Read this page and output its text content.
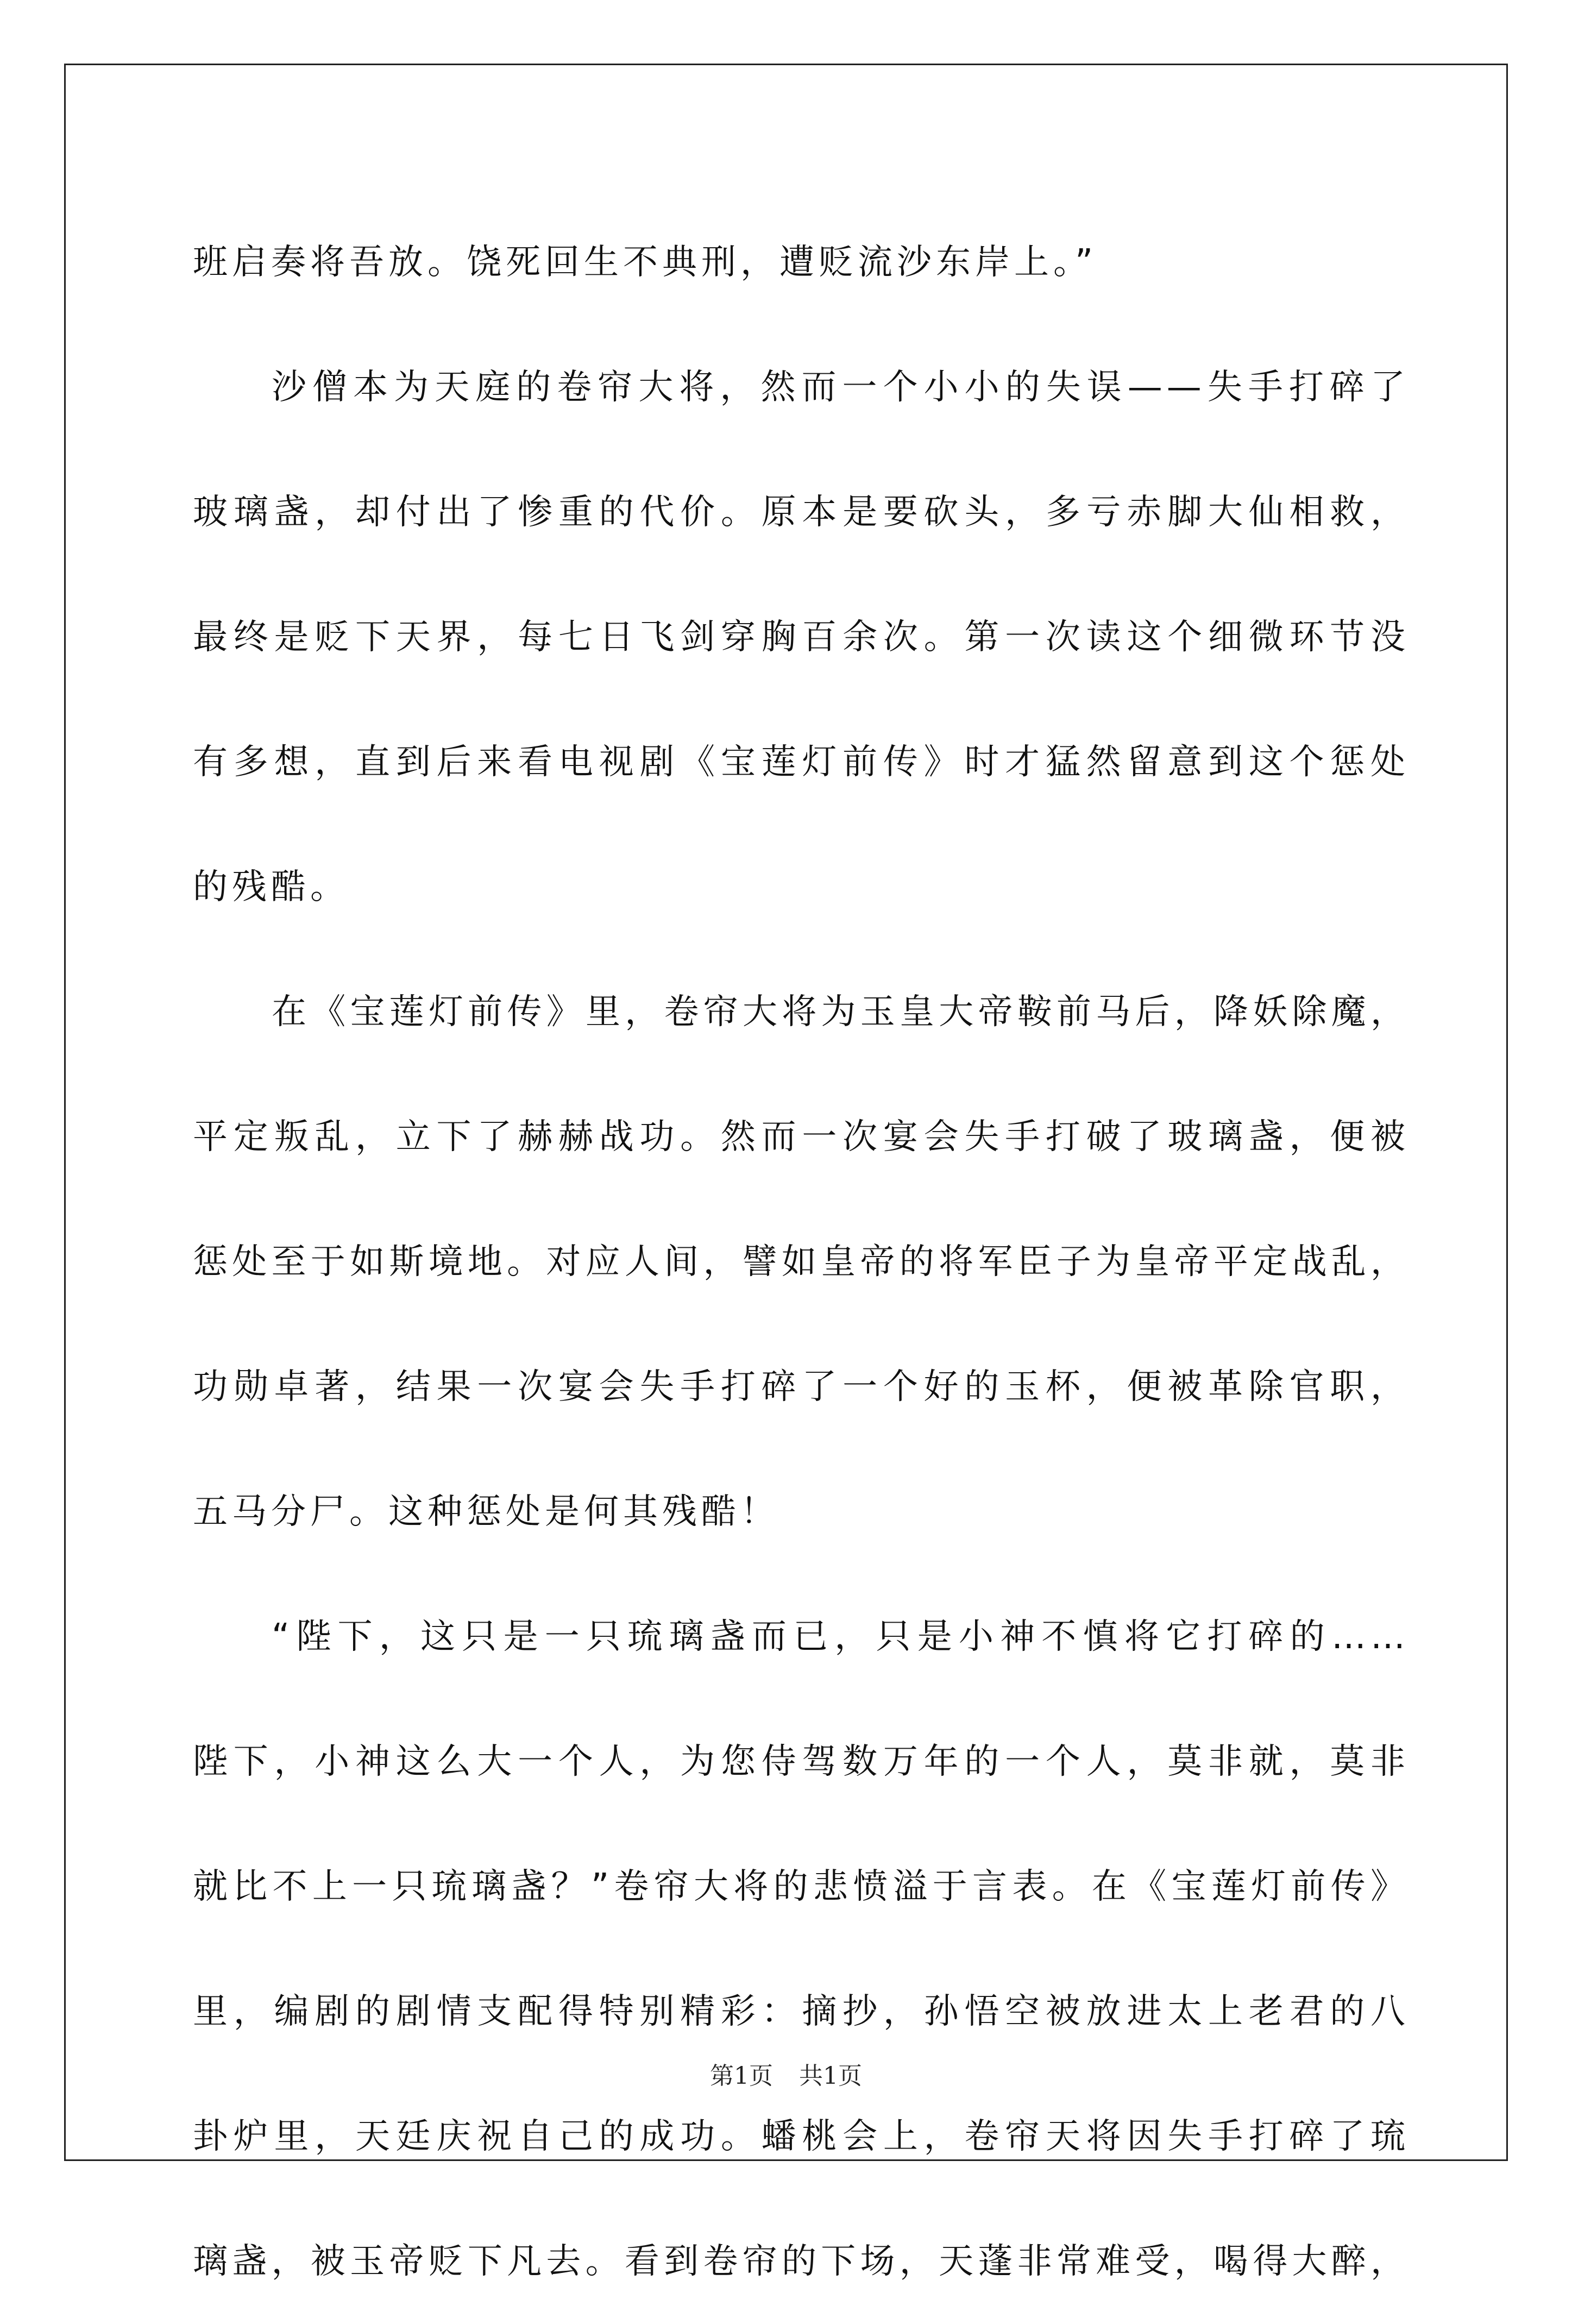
班启奏将吾放。饶死回生不典刑，遭贬流沙东岸上。”
沙僧本为天庭的卷帘大将，然而一个小小的失误——失手打碎了
玻璃盏，却付出了惨重的代价。原本是要砍头，多亏赤脚大仙相救，
最终是贬下天界，每七日飞剑穿胸百余次。第一次读这个细微环节没
有多想，直到后来看电视剧《宝莲灯前传》时才猛然留意到这个惩处
的残酷。
在《宝莲灯前传》里，卷帘大将为玉皇大帝鞍前马后，降妖除魔，
平定叛乱，立下了赫赫战功。然而一次宴会失手打破了玻璃盏，便被
惩处至于如斯境地。对应人间，譬如皇帝的将军臣子为皇帝平定战乱，
功勋卓著，结果一次宴会失手打碎了一个好的玉杯，便被革除官职，
五马分尸。这种惩处是何其残酷！
“陛下，这只是一只琉璃盏而已，只是小神不慎将它打碎的……
陛下，小神这么大一个人，为您侍驾数万年的一个人，莫非就，莫非
就比不上一只琉璃盏？”卷帘大将的悲愤溢于言表。在《宝莲灯前传》
里，编剧的剧情支配得特别精彩：摘抄，孙悟空被放进太上老君的八
卦炉里，天廷庆祝自己的成功。蟠桃会上，卷帘天将因失手打碎了琉
璃盏，被玉帝贬下凡去。看到卷帘的下场，天蓬非常难受，喝得大醉，
第1页 共1页
